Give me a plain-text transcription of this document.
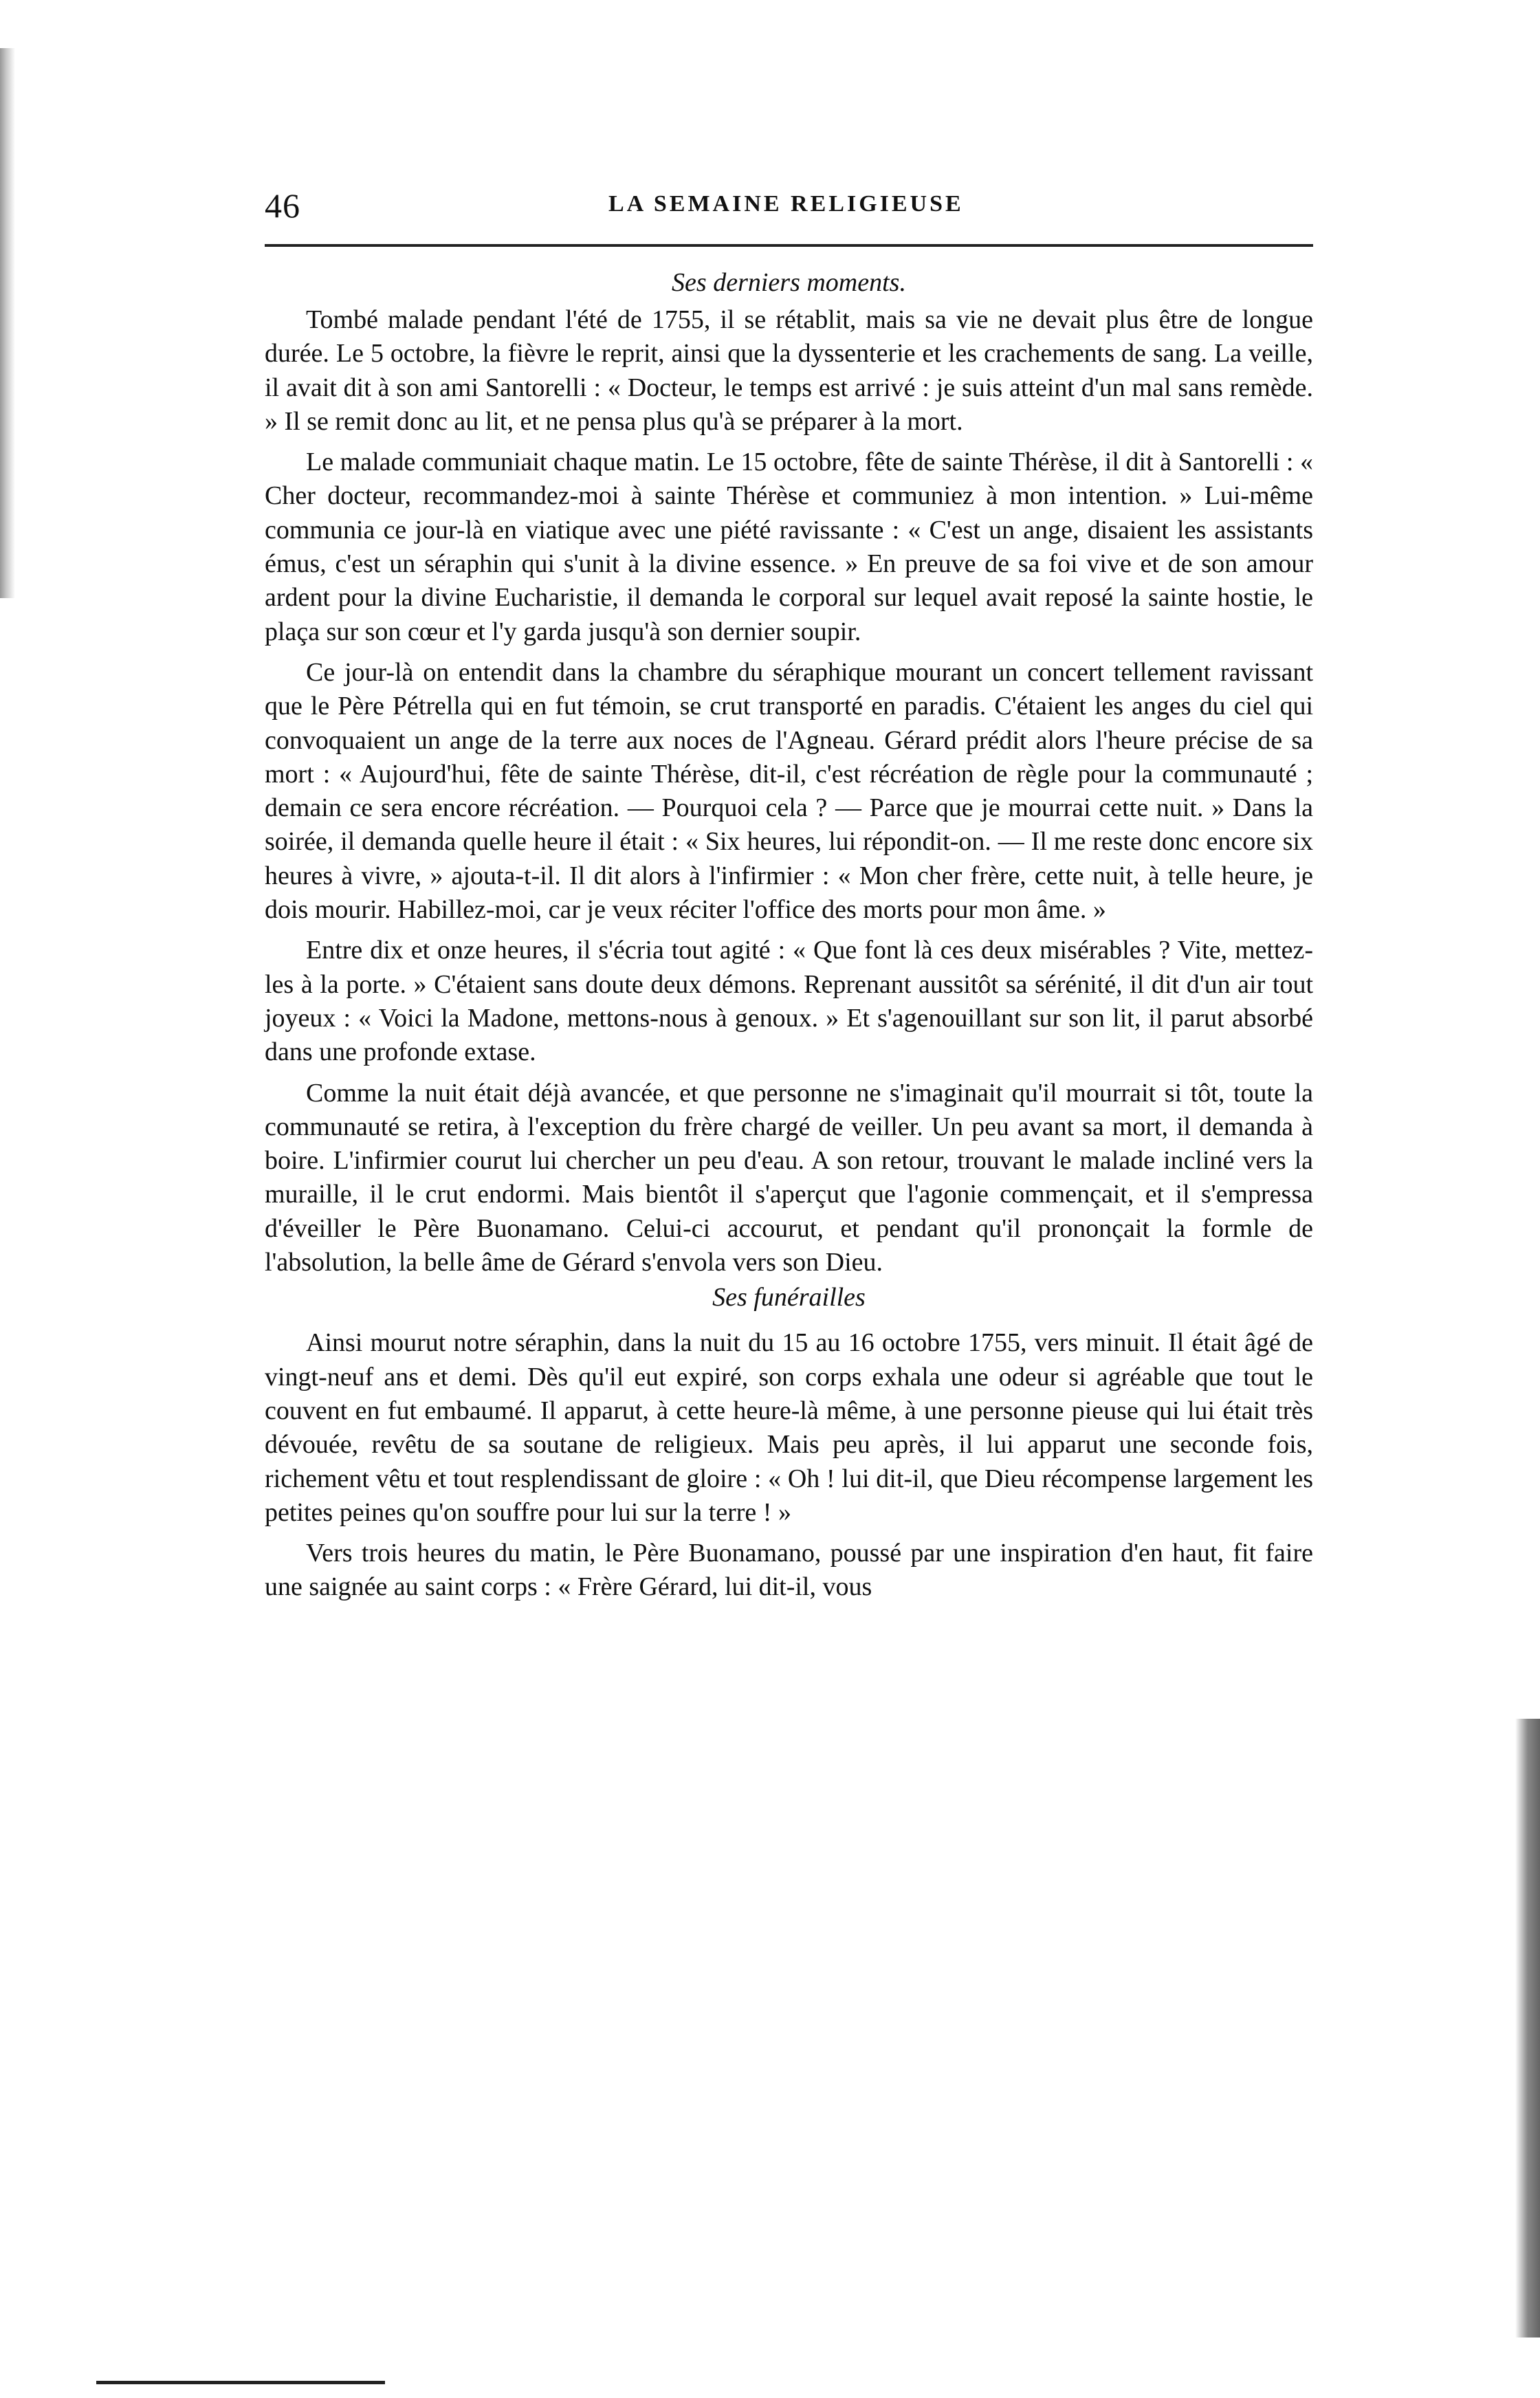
46	LA SEMAINE RELIGIEUSE

Ses derniers moments.

Tombé malade pendant l'été de 1755, il se rétablit, mais sa vie ne devait plus être de longue durée. Le 5 octobre, la fièvre le reprit, ainsi que la dyssenterie et les crachements de sang. La veille, il avait dit à son ami Santorelli : « Docteur, le temps est arrivé : je suis atteint d'un mal sans remède. » Il se remit donc au lit, et ne pensa plus qu'à se préparer à la mort.

Le malade communiait chaque matin. Le 15 octobre, fête de sainte Thérèse, il dit à Santorelli : « Cher docteur, recommandez-moi à sainte Thérèse et communiez à mon intention. » Lui-même communia ce jour-là en viatique avec une piété ravissante : « C'est un ange, disaient les assistants émus, c'est un séraphin qui s'unit à la divine essence. » En preuve de sa foi vive et de son amour ardent pour la divine Eucharistie, il demanda le corporal sur lequel avait reposé la sainte hostie, le plaça sur son cœur et l'y garda jusqu'à son dernier soupir.

Ce jour-là on entendit dans la chambre du séraphique mourant un concert tellement ravissant que le Père Pétrella qui en fut témoin, se crut transporté en paradis. C'étaient les anges du ciel qui convoquaient un ange de la terre aux noces de l'Agneau. Gérard prédit alors l'heure précise de sa mort : « Aujourd'hui, fête de sainte Thérèse, dit-il, c'est récréation de règle pour la communauté ; demain ce sera encore récréation. — Pourquoi cela ? — Parce que je mourrai cette nuit. » Dans la soirée, il demanda quelle heure il était : « Six heures, lui répondit-on. — Il me reste donc encore six heures à vivre, » ajouta-t-il. Il dit alors à l'infirmier : « Mon cher frère, cette nuit, à telle heure, je dois mourir. Habillez-moi, car je veux réciter l'office des morts pour mon âme. »

Entre dix et onze heures, il s'écria tout agité : « Que font là ces deux misérables ? Vite, mettez-les à la porte. » C'étaient sans doute deux démons. Reprenant aussitôt sa sérénité, il dit d'un air tout joyeux : « Voici la Madone, mettons-nous à genoux. » Et s'agenouillant sur son lit, il parut absorbé dans une profonde extase.

Comme la nuit était déjà avancée, et que personne ne s'imaginait qu'il mourrait si tôt, toute la communauté se retira, à l'exception du frère chargé de veiller. Un peu avant sa mort, il demanda à boire. L'infirmier courut lui chercher un peu d'eau. A son retour, trouvant le malade incliné vers la muraille, il le crut endormi. Mais bientôt il s'aperçut que l'agonie commençait, et il s'empressa d'éveiller le Père Buonamano. Celui-ci accourut, et pendant qu'il prononçait la formle de l'absolution, la belle âme de Gérard s'envola vers son Dieu.

Ses funérailles

Ainsi mourut notre séraphin, dans la nuit du 15 au 16 octobre 1755, vers minuit. Il était âgé de vingt-neuf ans et demi. Dès qu'il eut expiré, son corps exhala une odeur si agréable que tout le couvent en fut embaumé. Il apparut, à cette heure-là même, à une personne pieuse qui lui était très dévouée, revêtu de sa soutane de religieux. Mais peu après, il lui apparut une seconde fois, richement vêtu et tout resplendissant de gloire : « Oh ! lui dit-il, que Dieu récompense largement les petites peines qu'on souffre pour lui sur la terre ! »

Vers trois heures du matin, le Père Buonamano, poussé par une inspiration d'en haut, fit faire une saignée au saint corps : « Frère Gérard, lui dit-il, vous
